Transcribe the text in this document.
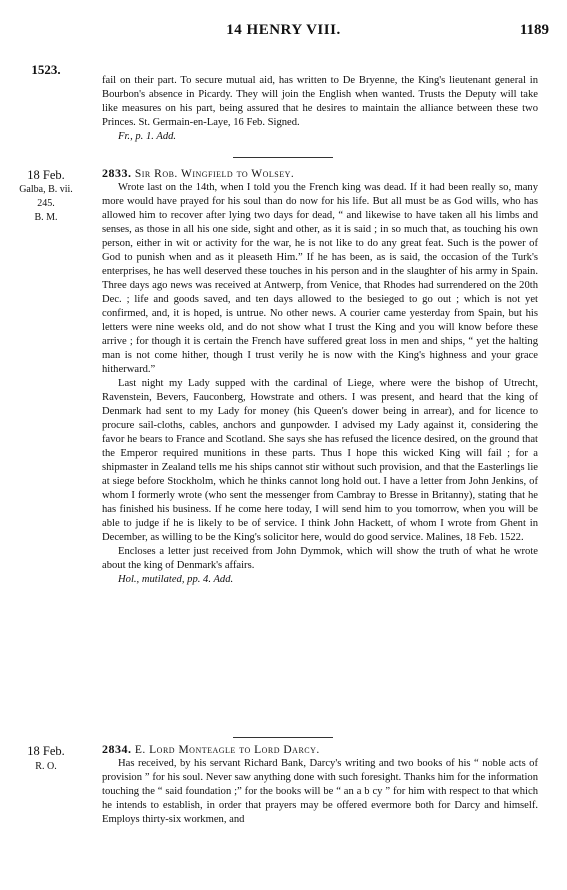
14 HENRY VIII.	1189
1523.

fail on their part. To secure mutual aid, has written to De Bryenne, the King's lieutenant general in Bourbon's absence in Picardy. They will join the English when wanted. Trusts the Deputy will take like measures on his part, being assured that he desires to maintain the alliance between these two Princes. St. Germain-en-Laye, 16 Feb. Signed.

Fr., p. 1. Add.

18 Feb.
Galba, B. vii.
245.
B. M.

2833. Sir Rob. Wingfield to Wolsey.

Wrote last on the 14th, when I told you the French king was dead. If it had been really so, many more would have prayed for his soul than do now for his life. But all must be as God wills, who has allowed him to recover after lying two days for dead, “ and likewise to have taken all his limbs and senses, as those in all his one side, sight and other, as it is said ; in so much that, as touching his own person, either in wit or activity for the war, he is not like to do any great feat. Such is the power of God to punish when and as it pleaseth Him.” If he has been, as is said, the occasion of the Turk's enterprises, he has well deserved these touches in his person and in the slaughter of his army in Spain. Three days ago news was received at Antwerp, from Venice, that Rhodes had surrendered on the 20th Dec. ; life and goods saved, and ten days allowed to the besieged to go out ; which is not yet confirmed, and, it is hoped, is untrue. No other news. A courier came yesterday from Spain, but his letters were nine weeks old, and do not show what I trust the King and you will know before these arrive ; for though it is certain the French have suffered great loss in men and ships, “ yet the halting man is not come hither, though I trust verily he is now with the King's highness and your grace hitherward.”

Last night my Lady supped with the cardinal of Liege, where were the bishop of Utrecht, Ravenstein, Bevers, Fauconberg, Howstrate and others. I was present, and heard that the king of Denmark had sent to my Lady for money (his Queen's dower being in arrear), and for licence to procure sail-cloths, cables, anchors and gunpowder. I advised my Lady against it, considering the favor he bears to France and Scotland. She says she has refused the licence desired, on the ground that the Emperor required munitions in these parts. Thus I hope this wicked King will fail ; for a shipmaster in Zealand tells me his ships cannot stir without such provision, and that the Easterlings lie at siege before Stockholm, which he thinks cannot long hold out. I have a letter from John Jenkins, of whom I formerly wrote (who sent the messenger from Cambray to Bresse in Britanny), stating that he has finished his business. If he come here today, I will send him to you tomorrow, when you will be able to judge if he is likely to be of service. I think John Hackett, of whom I wrote from Ghent in December, as willing to be the King's solicitor here, would do good service. Malines, 18 Feb. 1522.

Encloses a letter just received from John Dymmok, which will show the truth of what he wrote about the king of Denmark's affairs.

Hol., mutilated, pp. 4. Add.

18 Feb.
R. O.

2834. E. Lord Monteagle to Lord Darcy.

Has received, by his servant Richard Bank, Darcy's writing and two books of his “ noble acts of provision ” for his soul. Never saw anything done with such foresight. Thanks him for the information touching the “ said foundation ;” for the books will be “ an a b cy ” for him with respect to that which he intends to establish, in order that prayers may be offered evermore both for Darcy and himself. Employs thirty-six workmen, and
